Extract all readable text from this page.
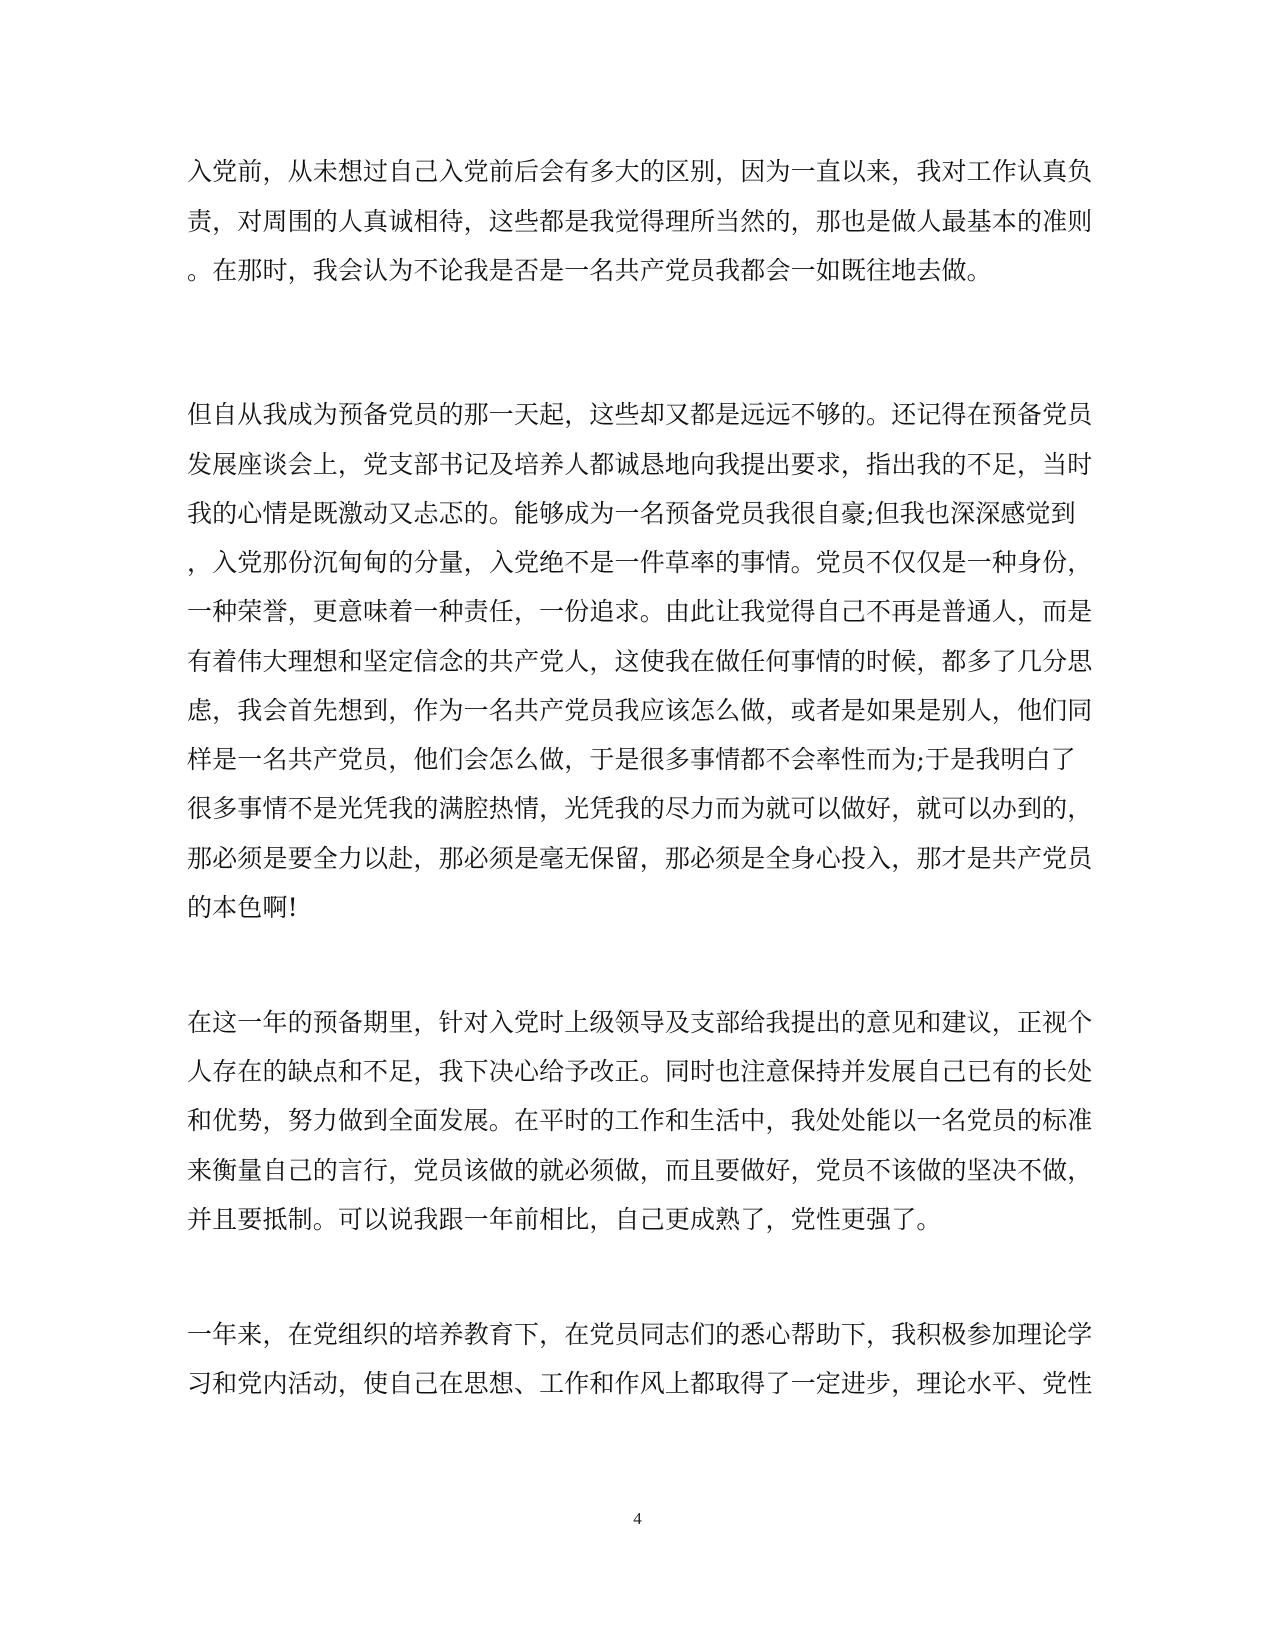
入党前，从未想过自己入党前后会有多大的区别，因为一直以来，我对工作认真负
责，对周围的人真诚相待，这些都是我觉得理所当然的，那也是做人最基本的准则
。在那时，我会认为不论我是否是一名共产党员我都会一如既往地去做。
但自从我成为预备党员的那一天起，这些却又都是远远不够的。还记得在预备党员
发展座谈会上，党支部书记及培养人都诚恳地向我提出要求，指出我的不足，当时
我的心情是既激动又忐忑的。能够成为一名预备党员我很自豪;但我也深深感觉到
，入党那份沉甸甸的分量，入党绝不是一件草率的事情。党员不仅仅是一种身份，
一种荣誉，更意味着一种责任，一份追求。由此让我觉得自己不再是普通人，而是
有着伟大理想和坚定信念的共产党人，这使我在做任何事情的时候，都多了几分思
虑，我会首先想到，作为一名共产党员我应该怎么做，或者是如果是别人，他们同
样是一名共产党员，他们会怎么做，于是很多事情都不会率性而为;于是我明白了
很多事情不是光凭我的满腔热情，光凭我的尽力而为就可以做好，就可以办到的，
那必须是要全力以赴，那必须是毫无保留，那必须是全身心投入，那才是共产党员
的本色啊!
在这一年的预备期里，针对入党时上级领导及支部给我提出的意见和建议，正视个
人存在的缺点和不足，我下决心给予改正。同时也注意保持并发展自己已有的长处
和优势，努力做到全面发展。在平时的工作和生活中，我处处能以一名党员的标准
来衡量自己的言行，党员该做的就必须做，而且要做好，党员不该做的坚决不做，
并且要抵制。可以说我跟一年前相比，自己更成熟了，党性更强了。
一年来，在党组织的培养教育下，在党员同志们的悉心帮助下，我积极参加理论学
习和党内活动，使自己在思想、工作和作风上都取得了一定进步，理论水平、党性
4
